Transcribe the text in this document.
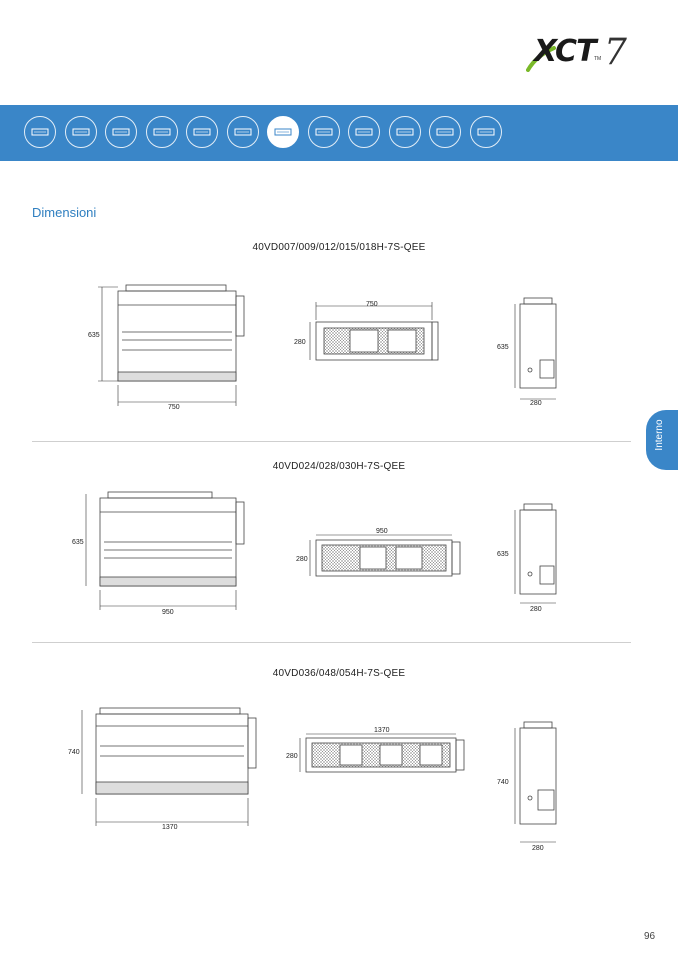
XCT
TM 7
Dimensioni
40VD007/009/012/015/018H-7S-QEE
40VD024/028/030H-7S-QEE
40VD036/048/054H-7S-QEE
635
750
750
280
635
280
635
950
950
280
635
280
740
1370
1370
280
740
280
Interno
96
